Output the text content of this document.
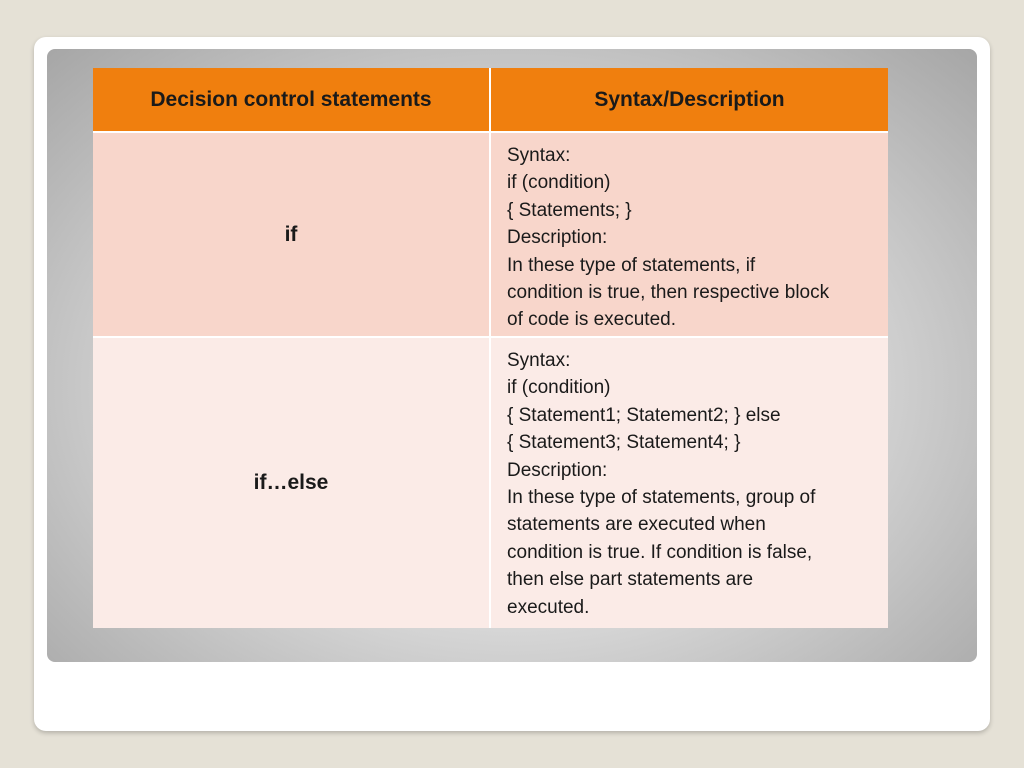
Decision control statements	Syntax/Description
if
Syntax:
if (condition)
{ Statements; }
Description:
In these type of statements, if
condition is true, then respective block
of code is executed.
if…else
Syntax:
if (condition)
{ Statement1; Statement2; } else
{ Statement3; Statement4; }
Description:
In these type of statements, group of
statements are executed when
condition is true. If condition is false,
then else part statements are
executed.
